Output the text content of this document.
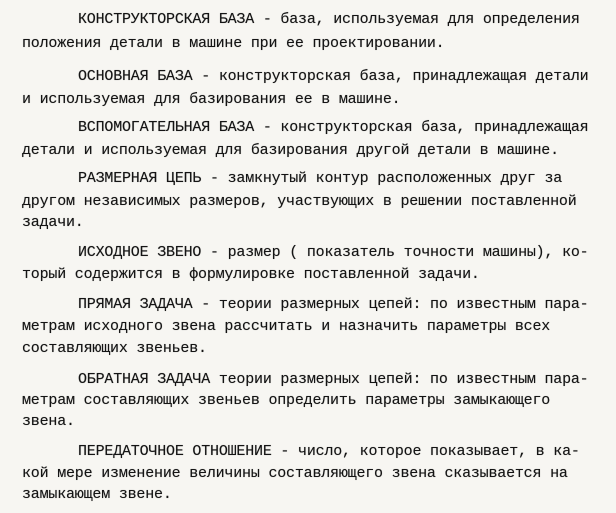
КОНСТРУКТОРСКАЯ БАЗА - база, используемая для определения
положения детали в машине при ее проектировании.
ОСНОВНАЯ БАЗА - конструкторская база, принадлежащая детали
и используемая для базирования ее в машине.
ВСПОМОГАТЕЛЬНАЯ БАЗА - конструкторская база, принадлежащая
детали и используемая для базирования другой детали в машине.
РАЗМЕРНАЯ ЦЕПЬ - замкнутый контур расположенных друг за
другом независимых размеров, участвующих в решении поставленной
задачи.
ИСХОДНОЕ ЗВЕНО - размер ( показатель точности машины), ко-
торый содержится в формулировке поставленной задачи.
ПРЯМАЯ ЗАДАЧА - теории размерных цепей: по известным пара-
метрам исходного звена рассчитать и назначить параметры всех
составляющих звеньев.
ОБРАТНАЯ ЗАДАЧА теории размерных цепей: по известным пара-
метрам составляющих звеньев определить параметры замыкающего
звена.
ПЕРЕДАТОЧНОЕ ОТНОШЕНИЕ - число, которое показывает, в ка-
кой мере изменение величины составляющего звена сказывается на
замыкающем звене.
